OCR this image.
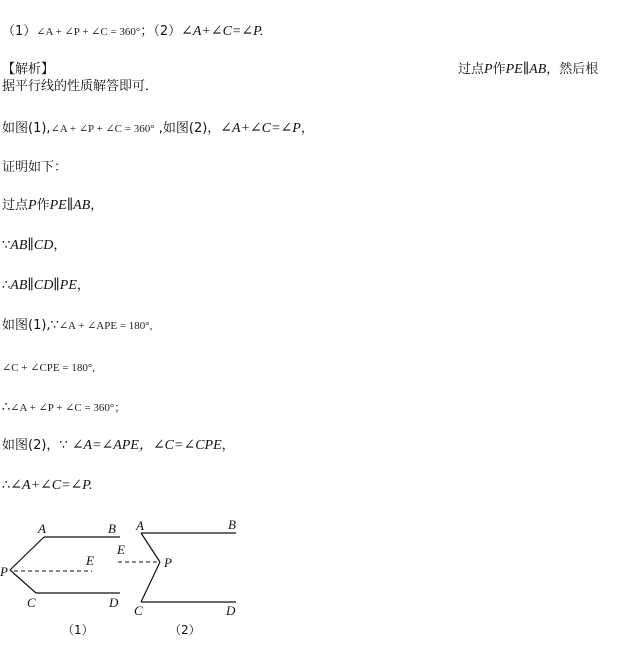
（1）∠A + ∠P + ∠C = 360°；（2）∠A+∠C=∠P.
【解析】	过点P作PE∥AB，然后根
据平行线的性质解答即可．
如图(1),∠A + ∠P + ∠C = 360° ,如图(2)，∠A+∠C=∠P，
证明如下：
过点P作PE∥AB，
∵AB∥CD，
∴AB∥CD∥PE，
如图(1),∵∠A + ∠APE = 180°,
∠C + ∠CPE = 180°,
∴∠A + ∠P + ∠C = 360°；
如图(2)，∵ ∠A=∠APE，∠C=∠CPE，
∴∠A+∠C=∠P.
A	B
P
E
C	D
（1）
A	B
E
P
C	D
（2）
